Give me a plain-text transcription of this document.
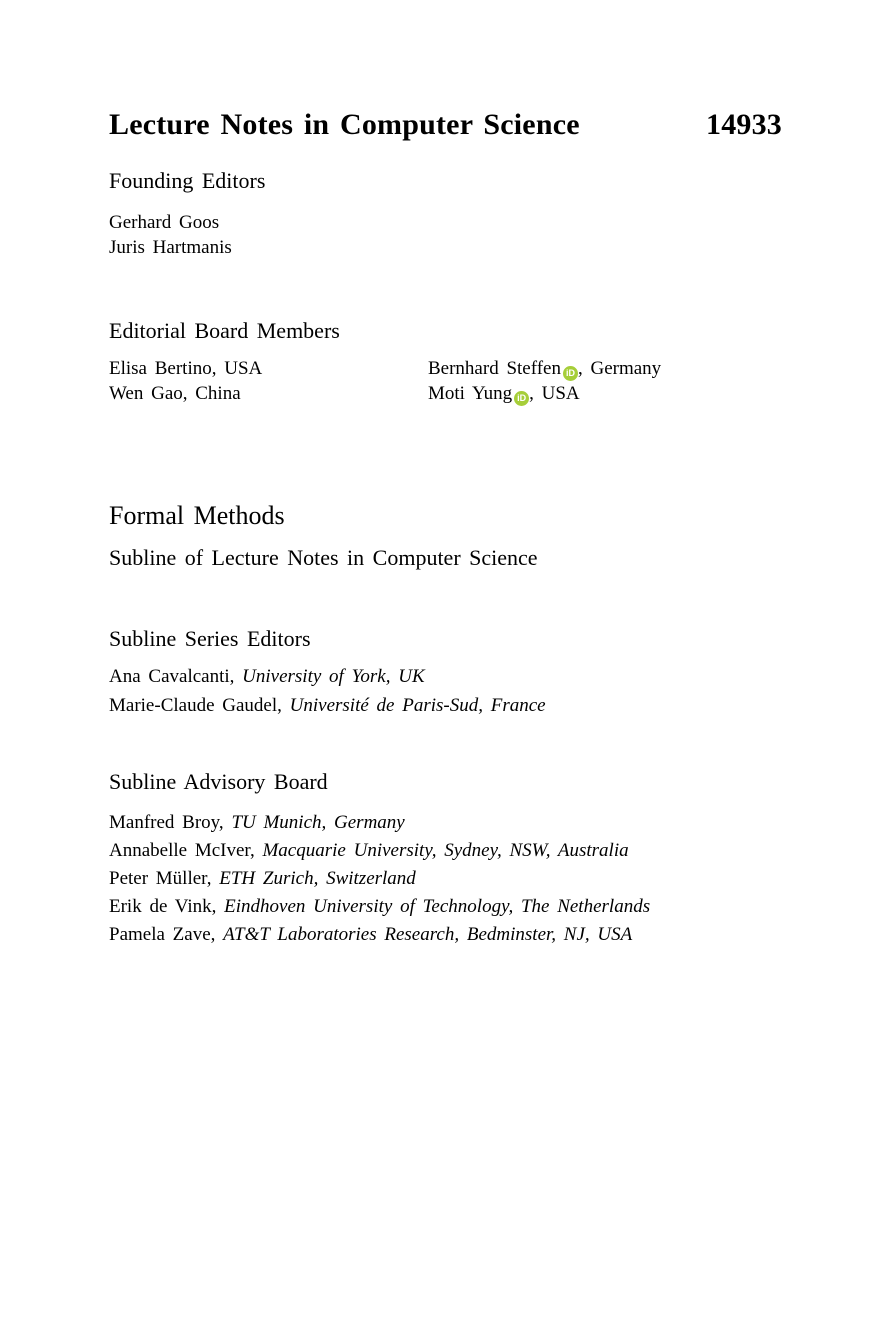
Lecture Notes in Computer Science	14933
Founding Editors
Gerhard Goos
Juris Hartmanis
Editorial Board Members
Elisa Bertino, USA
Wen Gao, China
Bernhard Steffen iD , Germany
Moti Yung iD , USA
Formal Methods
Subline of Lecture Notes in Computer Science
Subline Series Editors
Ana Cavalcanti, University of York, UK
Marie-Claude Gaudel, Université de Paris-Sud, France
Subline Advisory Board
Manfred Broy, TU Munich, Germany
Annabelle McIver, Macquarie University, Sydney, NSW, Australia
Peter Müller, ETH Zurich, Switzerland
Erik de Vink, Eindhoven University of Technology, The Netherlands
Pamela Zave, AT&T Laboratories Research, Bedminster, NJ, USA
